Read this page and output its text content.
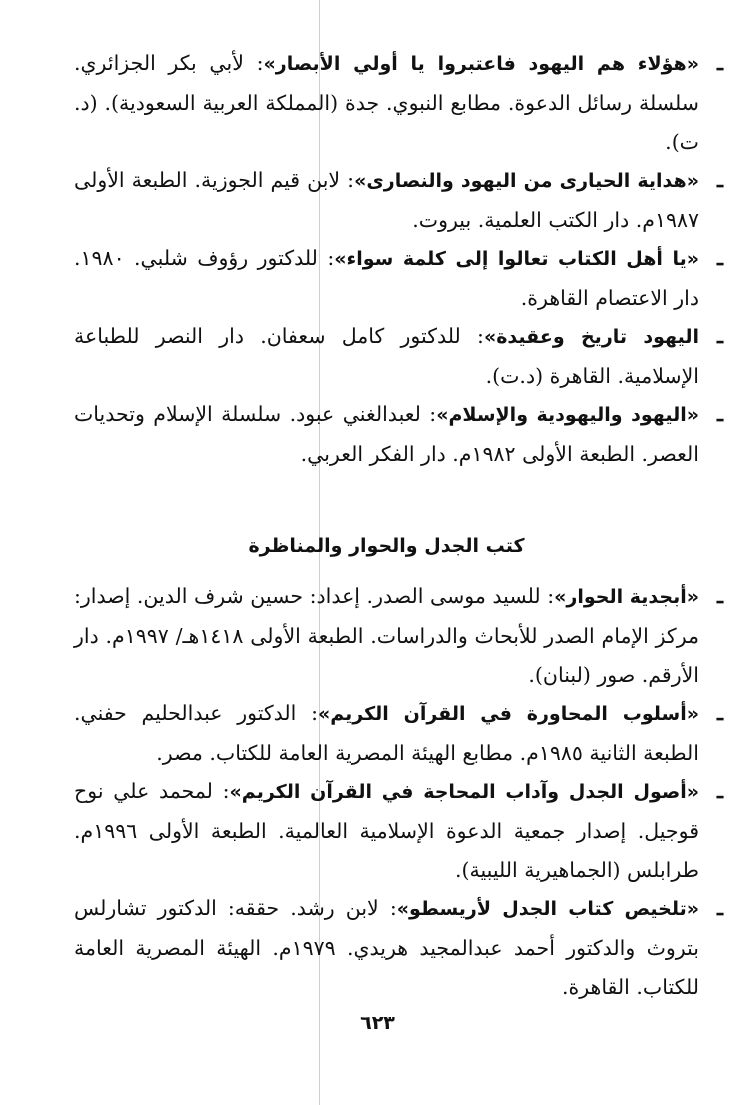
ـ
«هؤلاء هم اليهود فاعتبروا يا أولي الأبصار»: لأبي بكر الجزائري. سلسلة رسائل الدعوة. مطابع النبوي. جدة (المملكة العربية السعودية). (د. ت).

ـ
«هداية الحيارى من اليهود والنصارى»: لابن قيم الجوزية. الطبعة الأولى ١٩٨٧م. دار الكتب العلمية. بيروت.

ـ
«يا أهل الكتاب تعالوا إلى كلمة سواء»: للدكتور رؤوف شلبي. ١٩٨٠. دار الاعتصام القاهرة.

ـ
اليهود تاريخ وعقيدة»: للدكتور كامل سعفان. دار النصر للطباعة الإسلامية. القاهرة (د.ت).

ـ
«اليهود واليهودية والإسلام»: لعبدالغني عبود. سلسلة الإسلام وتحديات العصر. الطبعة الأولى ١٩٨٢م. دار الفكر العربي.

كتب الجدل والحوار والمناظرة

ـ
«أبجدية الحوار»: للسيد موسى الصدر. إعداد: حسين شرف الدين. إصدار: مركز الإمام الصدر للأبحاث والدراسات. الطبعة الأولى ١٤١٨هـ/ ١٩٩٧م. دار الأرقم. صور (لبنان).

ـ
«أسلوب المحاورة في القرآن الكريم»: الدكتور عبدالحليم حفني. الطبعة الثانية ١٩٨٥م. مطابع الهيئة المصرية العامة للكتاب. مصر.

ـ
«أصول الجدل وآداب المحاجة في القرآن الكريم»: لمحمد علي نوح قوجيل. إصدار جمعية الدعوة الإسلامية العالمية. الطبعة الأولى ١٩٩٦م. طرابلس (الجماهيرية الليبية).

ـ
«تلخيص كتاب الجدل لأريسطو»: لابن رشد. حققه: الدكتور تشارلس بتروث والدكتور أحمد عبدالمجيد هريدي. ١٩٧٩م. الهيئة المصرية العامة للكتاب. القاهرة.

٦٢٣
